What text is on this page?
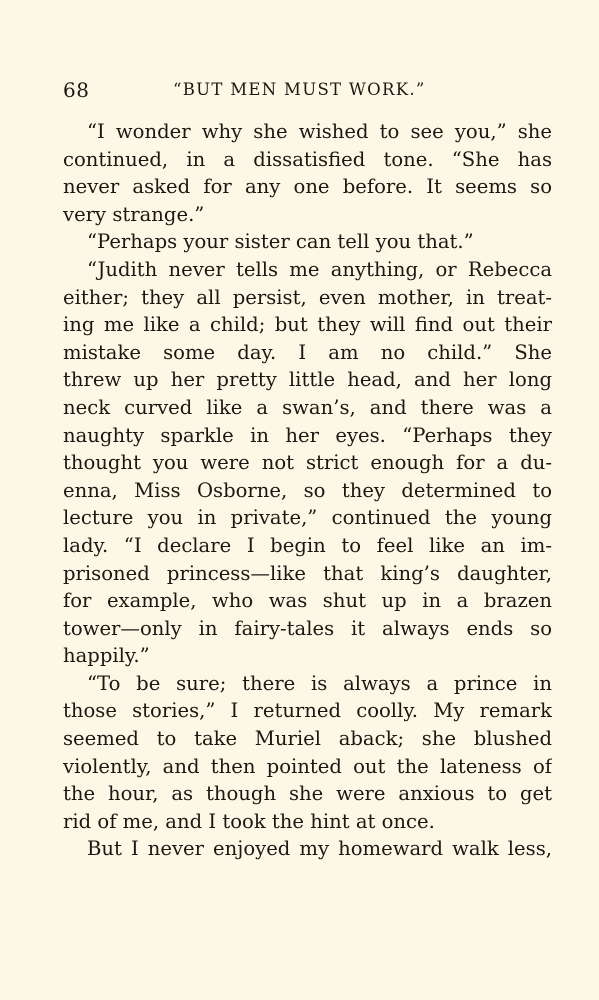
68	“BUT MEN MUST WORK.”
“I wonder why she wished to see you,” she
continued, in a dissatisfied tone. “She has
never asked for any one before. It seems so
very strange.”
“Perhaps your sister can tell you that.”
“Judith never tells me anything, or Rebecca
either; they all persist, even mother, in treat-
ing me like a child; but they will find out their
mistake some day. I am no child.” She
threw up her pretty little head, and her long
neck curved like a swan’s, and there was a
naughty sparkle in her eyes. “Perhaps they
thought you were not strict enough for a du-
enna, Miss Osborne, so they determined to
lecture you in private,” continued the young
lady. “I declare I begin to feel like an im-
prisoned princess—like that king’s daughter,
for example, who was shut up in a brazen
tower—only in fairy-tales it always ends so
happily.”
“To be sure; there is always a prince in
those stories,” I returned coolly. My remark
seemed to take Muriel aback; she blushed
violently, and then pointed out the lateness of
the hour, as though she were anxious to get
rid of me, and I took the hint at once.
But I never enjoyed my homeward walk less,
